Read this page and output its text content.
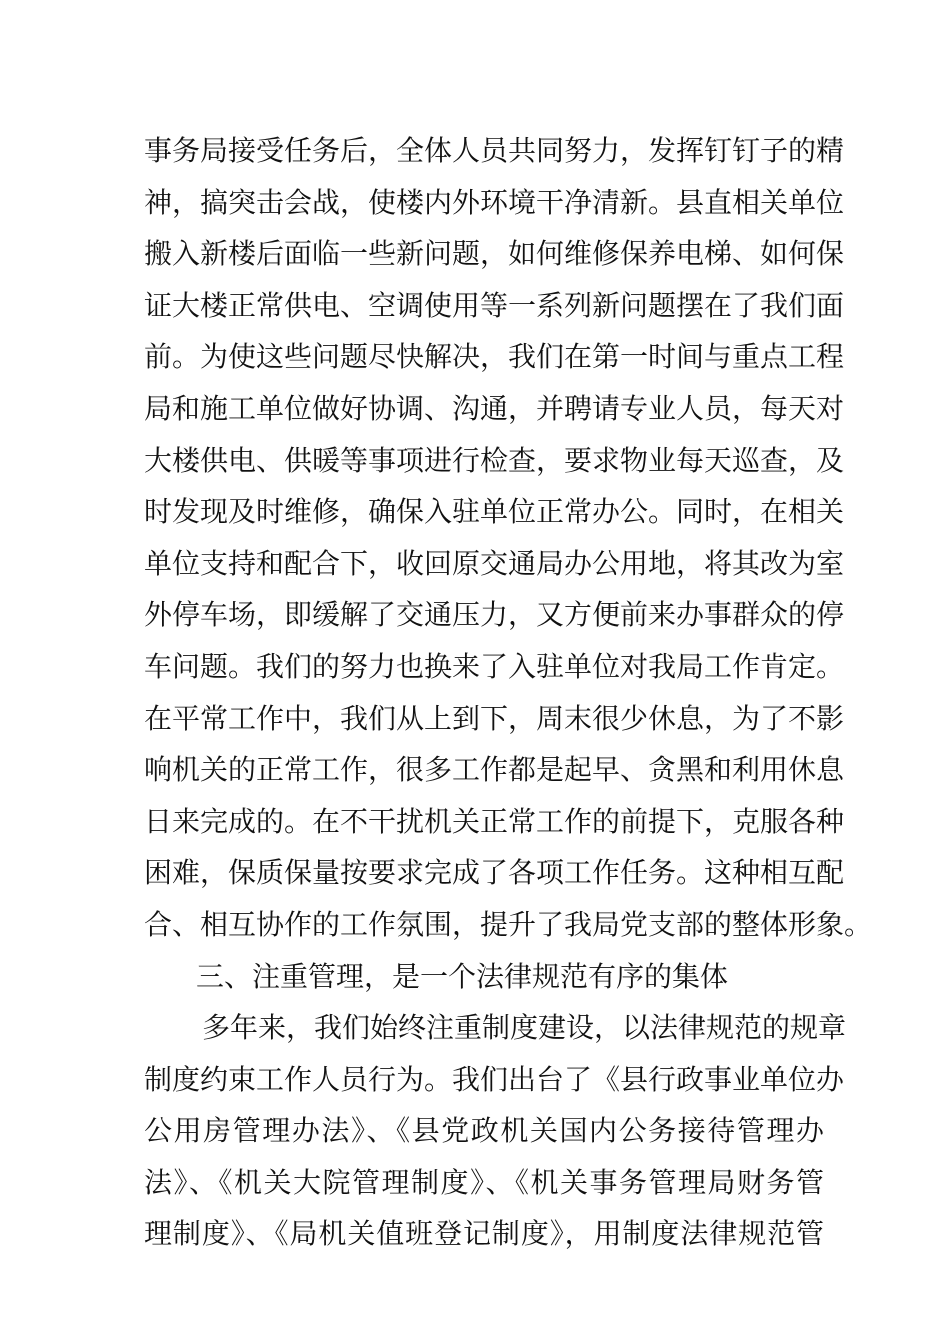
事务局接受任务后，全体人员共同努力，发挥钉钉子的精
神，搞突击会战，使楼内外环境干净清新。县直相关单位
搬入新楼后面临一些新问题，如何维修保养电梯、如何保
证大楼正常供电、空调使用等一系列新问题摆在了我们面
前。为使这些问题尽快解决，我们在第一时间与重点工程
局和施工单位做好协调、沟通，并聘请专业人员，每天对
大楼供电、供暖等事项进行检查，要求物业每天巡查，及
时发现及时维修，确保入驻单位正常办公。同时，在相关
单位支持和配合下，收回原交通局办公用地，将其改为室
外停车场，即缓解了交通压力，又方便前来办事群众的停
车问题。我们的努力也换来了入驻单位对我局工作肯定。
在平常工作中，我们从上到下，周末很少休息，为了不影
响机关的正常工作，很多工作都是起早、贪黑和利用休息
日来完成的。在不干扰机关正常工作的前提下，克服各种
困难，保质保量按要求完成了各项工作任务。这种相互配
合、相互协作的工作氛围，提升了我局党支部的整体形象。
三、注重管理，是一个法律规范有序的集体
多年来，我们始终注重制度建设，以法律规范的规章
制度约束工作人员行为。我们出台了《县行政事业单位办
公用房管理办法》、《县党政机关国内公务接待管理办
法》、《机关大院管理制度》、《机关事务管理局财务管
理制度》、《局机关值班登记制度》，用制度法律规范管
